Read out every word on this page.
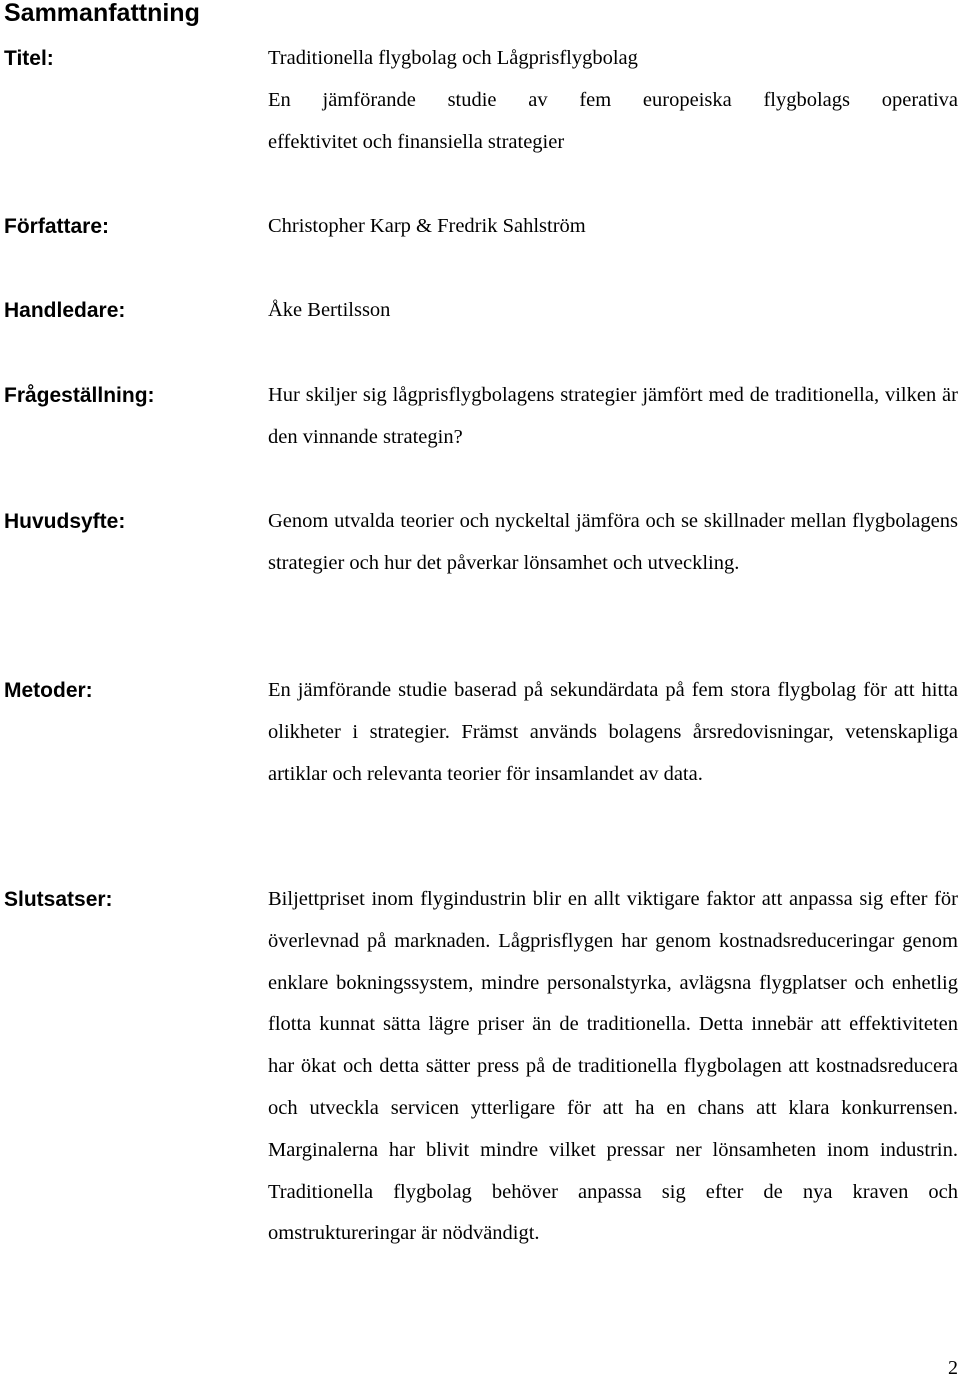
Sammanfattning
Titel:	Traditionella flygbolag och Lågprisflygbolag
En jämförande studie av fem europeiska flygbolags operativa
effektivitet och finansiella strategier
Författare:	Christopher Karp & Fredrik Sahlström
Handledare:	Åke Bertilsson
Frågeställning:	Hur skiljer sig lågprisflygbolagens strategier jämfört med de traditionella, vilken är den vinnande strategin?
Huvudsyfte:	Genom utvalda teorier och nyckeltal jämföra och se skillnader mellan flygbolagens strategier och hur det påverkar lönsamhet och utveckling.
Metoder:	En jämförande studie baserad på sekundärdata på fem stora flygbolag för att hitta olikheter i strategier. Främst används bolagens årsredovisningar, vetenskapliga artiklar och relevanta teorier för insamlandet av data.
Slutsatser:	Biljettpriset inom flygindustrin blir en allt viktigare faktor att anpassa sig efter för överlevnad på marknaden. Lågprisflygen har genom kostnadsreduceringar genom enklare bokningssystem, mindre personalstyrka, avlägsna flygplatser och enhetlig flotta kunnat sätta lägre priser än de traditionella. Detta innebär att effektiviteten har ökat och detta sätter press på de traditionella flygbolagen att kostnadsreducera och utveckla servicen ytterligare för att ha en chans att klara konkurrensen. Marginalerna har blivit mindre vilket pressar ner lönsamheten inom industrin. Traditionella flygbolag behöver anpassa sig efter de nya kraven och omstruktureringar är nödvändigt.
2
